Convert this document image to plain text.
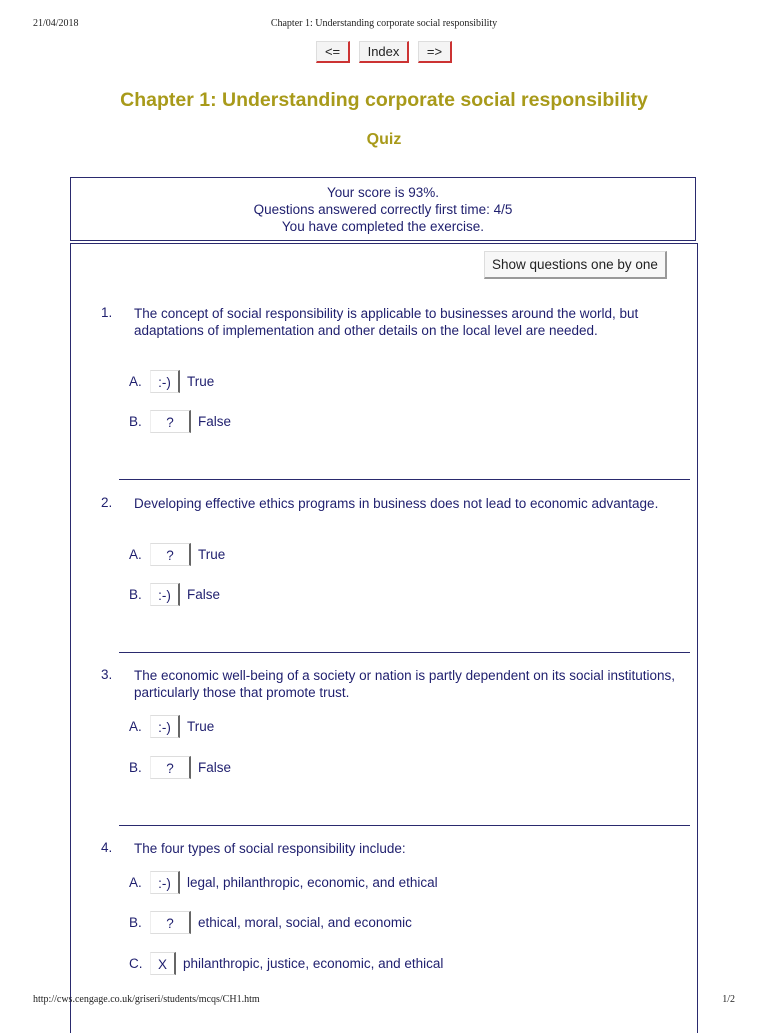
21/04/2018	Chapter 1: Understanding corporate social responsibility
<= Index =>
Chapter 1: Understanding corporate social responsibility
Quiz
Your score is 93%.
Questions answered correctly first time: 4/5
You have completed the exercise.
Show questions one by one
1. The concept of social responsibility is applicable to businesses around the world, but adaptations of implementation and other details on the local level are needed.
A.	:-)	True
B.	?	False
2. Developing effective ethics programs in business does not lead to economic advantage.
A.	?	True
B.	:-)	False
3. The economic well-being of a society or nation is partly dependent on its social institutions, particularly those that promote trust.
A.	:-)	True
B.	?	False
4. The four types of social responsibility include:
A.	:-)	legal, philanthropic, economic, and ethical
B.	?	ethical, moral, social, and economic
C.	X	philanthropic, justice, economic, and ethical
http://cws.cengage.co.uk/griseri/students/mcqs/CH1.htm	1/2
